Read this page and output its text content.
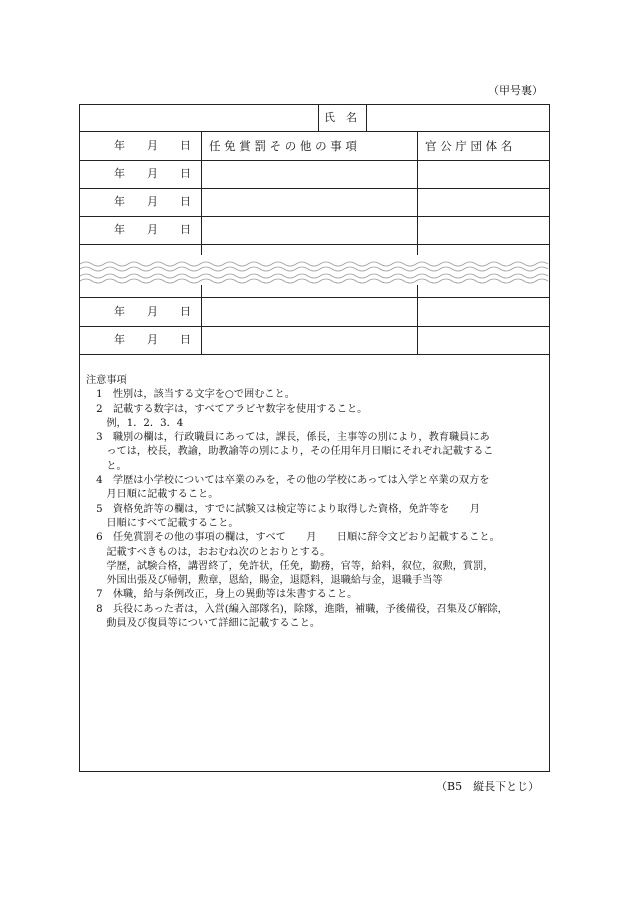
（甲号裏）
氏　名
年　　月　　日 任 免 賞 罰 そ の 他 の 事 項	官 公 庁 団 体 名
年　　月　　日
年　　月　　日
年　　月　　日
年　　月　　日
年　　月　　日
注意事項
　1　性別は，該当する文字を○で囲むこと。
　2　記載する数字は，すべてアラビヤ数字を使用すること。
　　例，1．2．3．4
　3　職別の欄は，行政職員にあっては，課長，係長，主事等の別により，教育職員にあ
　　っては，校長，教諭，助教諭等の別により，その任用年月日順にそれぞれ記載するこ
　　と。
　4　学歴は小学校については卒業のみを，その他の学校にあっては入学と卒業の双方を
　　月日順に記載すること。
　5　資格免許等の欄は，すでに試験又は検定等により取得した資格，免許等を　　月
　　日順にすべて記載すること。
　6　任免賞罰その他の事項の欄は，すべて　　月　　日順に辞令文どおり記載すること。
　　記載すべきものは，おおむね次のとおりとする。
　　学歴，試験合格，講習終了，免許状，任免，勤務，官等，給料，叙位，叙勲，賞罰，
　　外国出張及び帰朝，勲章，恩給，賜金，退隠料，退職給与金，退職手当等
　7　休職，給与条例改正，身上の異動等は朱書すること。
　8　兵役にあった者は，入営(編入部隊名)，除隊，進階，補職，予後備役，召集及び解除，
　　動員及び復員等について詳細に記載すること。
（B5　縦長下とじ）
